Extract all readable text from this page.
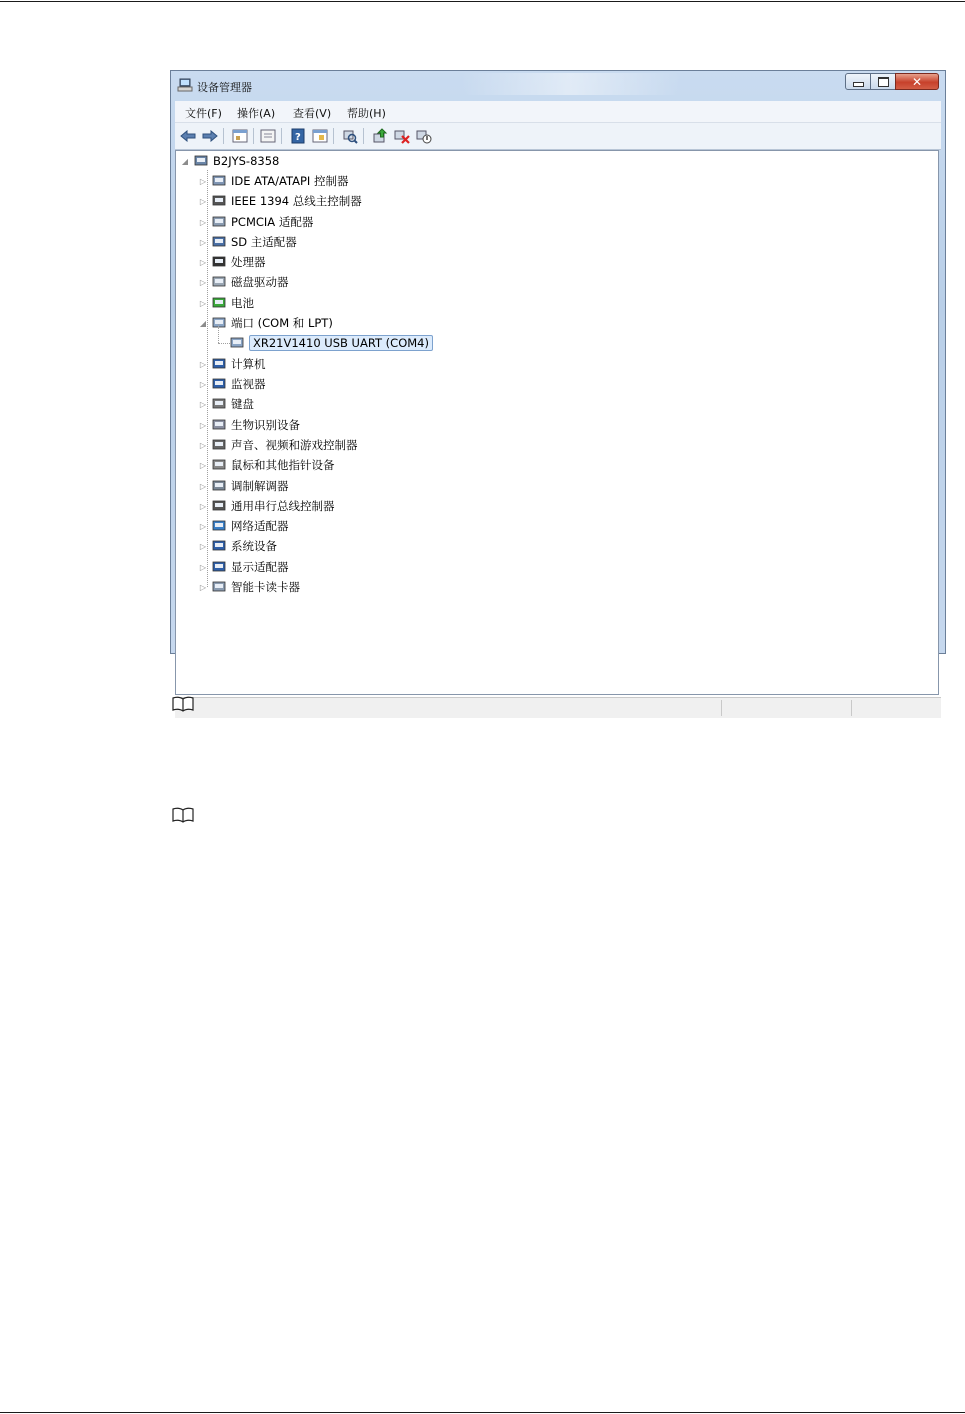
设备管理器	✕
文件(F) 操作(A) 查看(V) 帮助(H)
?
◢ B2JYS-8358
▷ IDE ATA/ATAPI 控制器
▷ IEEE 1394 总线主控制器
▷ PCMCIA 适配器
▷ SD 主适配器
▷ 处理器
▷ 磁盘驱动器
▷ 电池
◢ 端口 (COM 和 LPT)
XR21V1410 USB UART (COM4)
▷ 计算机
▷ 监视器
▷ 键盘
▷ 生物识别设备
▷ 声音、视频和游戏控制器
▷ 鼠标和其他指针设备
▷ 调制解调器
▷ 通用串行总线控制器
▷ 网络适配器
▷ 系统设备
▷ 显示适配器
▷ 智能卡读卡器
